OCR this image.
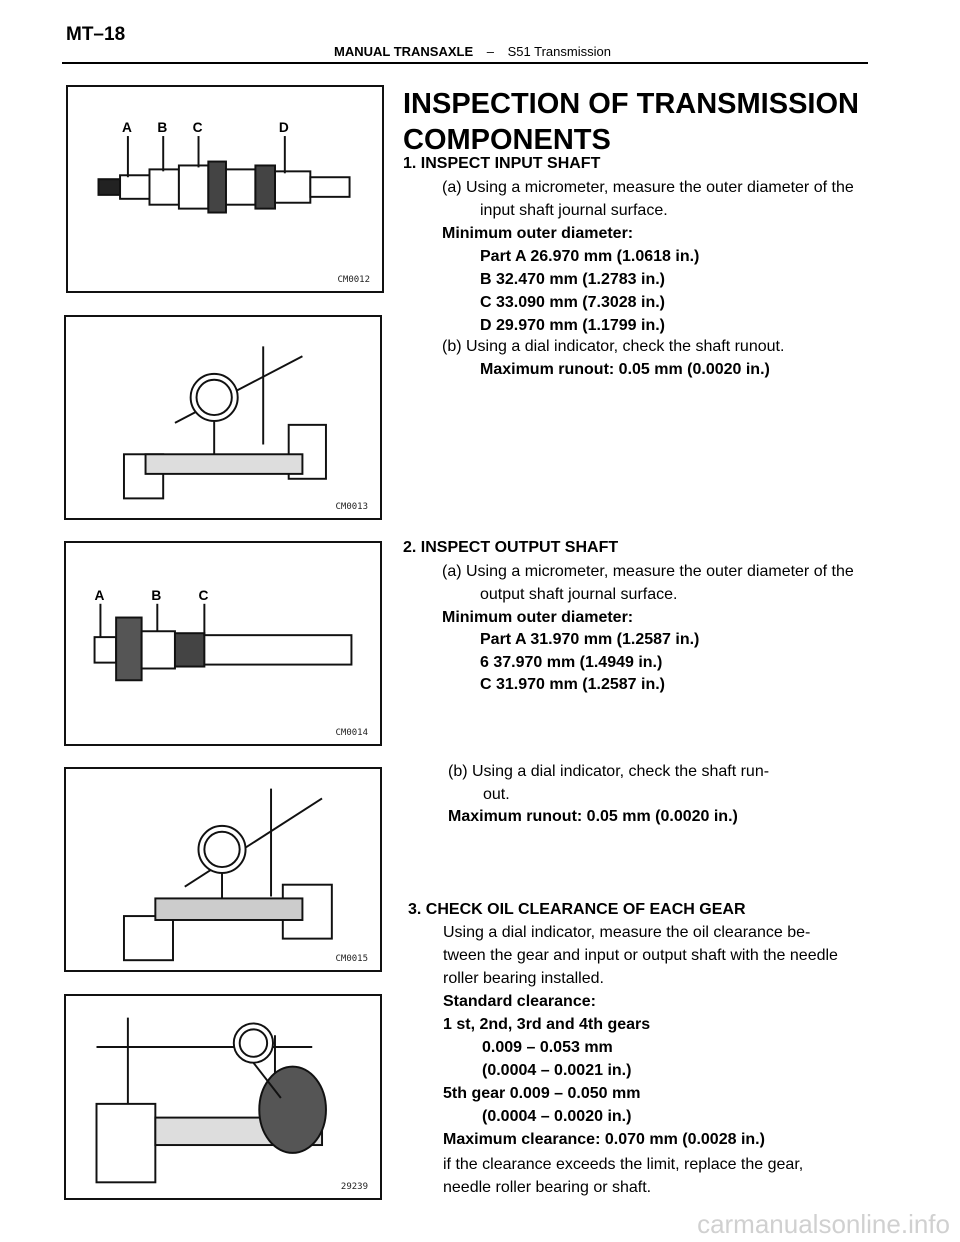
MT–18
MANUAL TRANSAXLE – S51 Transmission
A B C	D
CM0012
CM0013
A	B	C
CM0014
CM0015
29239
INSPECTION OF TRANSMISSION
COMPONENTS
1. INSPECT INPUT SHAFT
(a) Using a micrometer, measure the outer diameter of the
input shaft journal surface.
Minimum outer diameter:
Part A 26.970 mm (1.0618 in.)
B 32.470 mm (1.2783 in.)
C 33.090 mm (7.3028 in.)
D 29.970 mm (1.1799 in.)
(b) Using a dial indicator, check the shaft runout.
Maximum runout: 0.05 mm (0.0020 in.)
2. INSPECT OUTPUT SHAFT
(a) Using a micrometer, measure the outer diameter of the
output shaft journal surface.
Minimum outer diameter:
Part A 31.970 mm (1.2587 in.)
6 37.970 mm (1.4949 in.)
C 31.970 mm (1.2587 in.)
(b) Using a dial indicator, check the shaft run-
out.
Maximum runout: 0.05 mm (0.0020 in.)
3. CHECK OIL CLEARANCE OF EACH GEAR
Using a dial indicator, measure the oil clearance be-
tween the gear and input or output shaft with the needle
roller bearing installed.
Standard clearance:
1 st, 2nd, 3rd and 4th gears
0.009 – 0.053 mm
(0.0004 – 0.0021 in.)
5th gear 0.009 – 0.050 mm
(0.0004 – 0.0020 in.)
Maximum clearance: 0.070 mm (0.0028 in.)
if the clearance exceeds the limit, replace the gear,
needle roller bearing or shaft.
carmanualsonline.info
